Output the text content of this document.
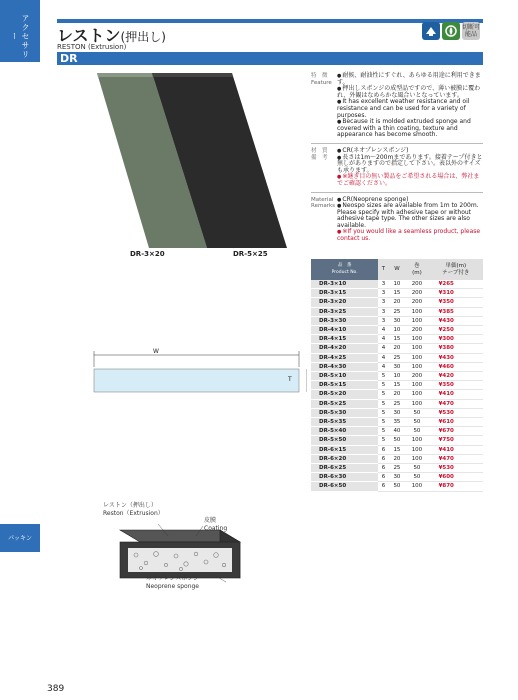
アクセサリー
パッキン
レストン(押出し)
RESTON (Extrusion)
DR
切断可能品
DR-3×20	DR-5×25
特　徴
Feature
● 耐候、耐油性にすぐれ、あらゆる用途に利用できます。
● 押出しスポンジの成型品ですので、薄い被膜に覆われ、外観はなめらかな風合いとなっています。
● It has excellent weather resistance and oil resistance and can be used for a variety of purposes.
● Because it is molded extruded sponge and covered with a thin coating, texture and appearance has become smooth.
材　質
備　考
● CR(ネオプレンスポンジ)
● 長さは1m〜200mまであります。接着テープ付きと無しがありますので指定して下さい。表以外のサイズも承ります。
● ※継ぎ目の無い製品をご希望される場合は、弊社までご確認ください。
Material
Remarks
● CR(Neoprene sponge)
● Neospo sizes are available from 1m to 200m. Please specify with adhesive tape or without adhesive tape type. The other sizes are also available.
● ※If you would like a seamless product, please contact us.
W
T
品　番
Product No.	T	W	巻
(m)	単価(m)
テープ付き
DR-3×10	3	10	200	¥265
DR-3×15	3	15	200	¥310
DR-3×20	3	20	200	¥350
DR-3×25	3	25	100	¥385
DR-3×30	3	30	100	¥430
DR-4×10	4	10	200	¥250
DR-4×15	4	15	100	¥300
DR-4×20	4	20	100	¥380
DR-4×25	4	25	100	¥430
DR-4×30	4	30	100	¥460
DR-5×10	5	10	200	¥420
DR-5×15	5	15	100	¥350
DR-5×20	5	20	100	¥410
DR-5×25	5	25	100	¥470
DR-5×30	5	30	50	¥530
DR-5×35	5	35	50	¥610
DR-5×40	5	40	50	¥670
DR-5×50	5	50	100	¥750
DR-6×15	6	15	100	¥410
DR-6×20	6	20	100	¥470
DR-6×25	6	25	50	¥530
DR-6×30	6	30	50	¥600
DR-6×50	6	50	100	¥870
レストン（押出し）
Reston（Extrusion）
皮膜
Coating
ネオプレンスポンジ
Neoprene sponge
389
